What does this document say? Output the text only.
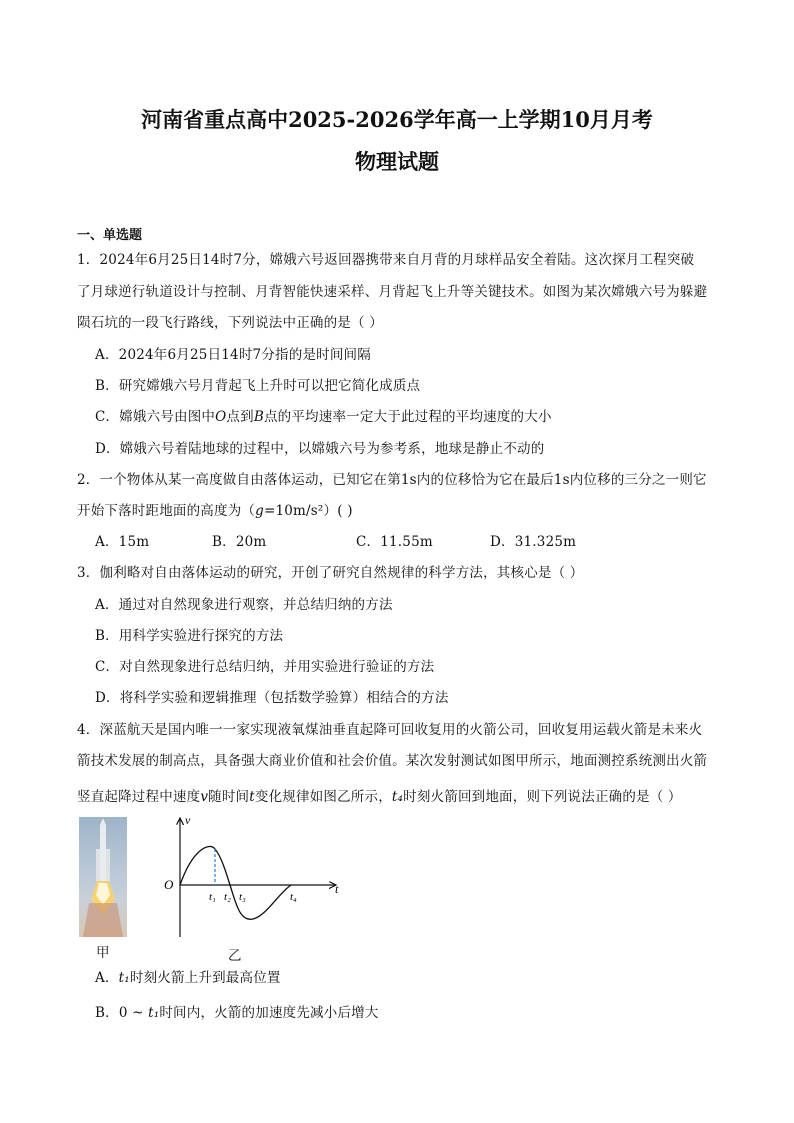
河南省重点高中2025-2026学年高一上学期10月月考
物理试题
一、单选题
1．2024年6月25日14时7分，嫦娥六号返回器携带来自月背的月球样品安全着陆。这次探月工程突破
了月球逆行轨道设计与控制、月背智能快速采样、月背起飞上升等关键技术。如图为某次嫦娥六号为躲避
陨石坑的一段飞行路线，下列说法中正确的是（ ）
A．2024年6月25日14时7分指的是时间间隔
B．研究嫦娥六号月背起飞上升时可以把它简化成质点
C．嫦娥六号由图中O点到B点的平均速率一定大于此过程的平均速度的大小
D．嫦娥六号着陆地球的过程中，以嫦娥六号为参考系，地球是静止不动的
2．一个物体从某一高度做自由落体运动，已知它在第1s内的位移恰为它在最后1s内位移的三分之一则它
开始下落时距地面的高度为（g=10m/s²）( )
A．15m	B．20m	C．11.55m	D．31.325m
3．伽利略对自由落体运动的研究，开创了研究自然规律的科学方法，其核心是（ ）
A．通过对自然现象进行观察，并总结归纳的方法
B．用科学实验进行探究的方法
C．对自然现象进行总结归纳，并用实验进行验证的方法
D．将科学实验和逻辑推理（包括数学验算）相结合的方法
4．深蓝航天是国内唯一一家实现液氧煤油垂直起降可回收复用的火箭公司，回收复用运载火箭是未来火
箭技术发展的制高点，具备强大商业价值和社会价值。某次发射测试如图甲所示，地面测控系统测出火箭
竖直起降过程中速度v随时间t变化规律如图乙所示，t₄时刻火箭回到地面，则下列说法正确的是（ ）
甲
v
t
O
t₁ t₂ t₃	t₄
乙
A．t₁时刻火箭上升到最高位置
B．0 ~ t₁时间内，火箭的加速度先减小后增大
